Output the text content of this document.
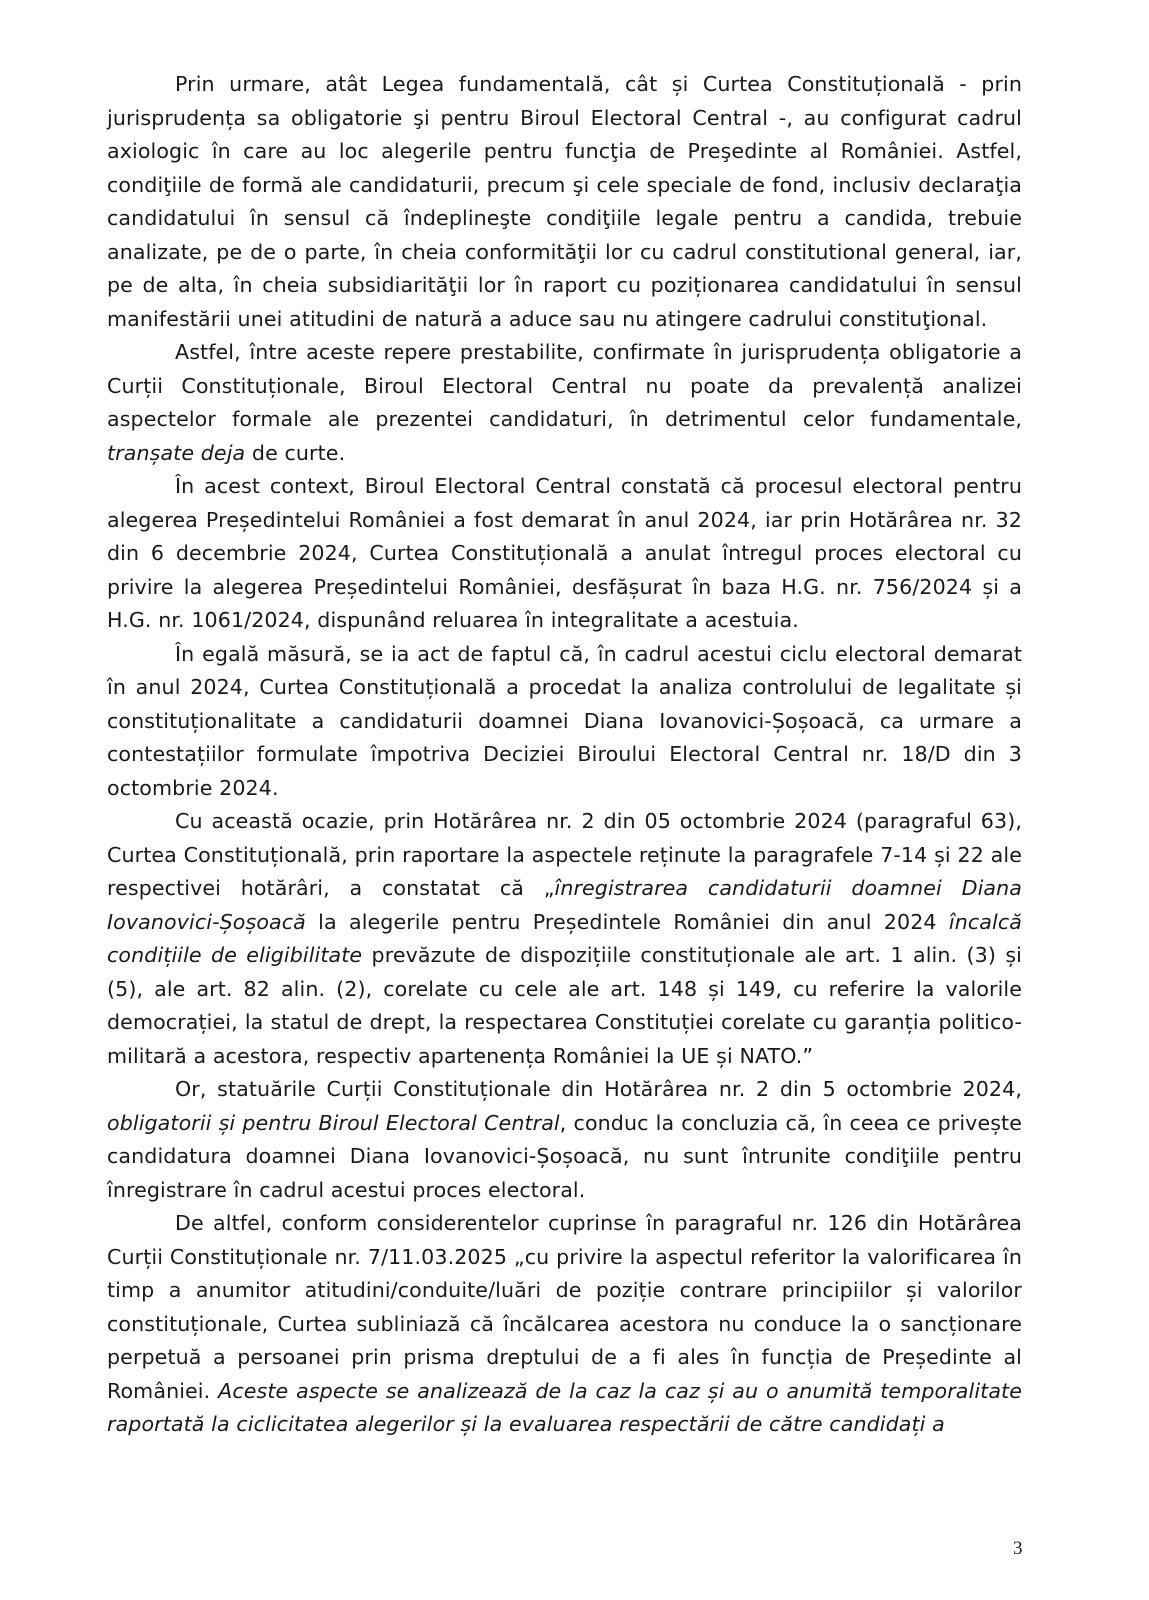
Prin urmare, atât Legea fundamentală, cât și Curtea Constituțională - prin jurisprudența sa obligatorie şi pentru Biroul Electoral Central -, au configurat cadrul axiologic în care au loc alegerile pentru funcţia de Preşedinte al României. Astfel, condiţiile de formă ale candidaturii, precum şi cele speciale de fond, inclusiv declaraţia candidatului în sensul că îndeplineşte condiţiile legale pentru a candida, trebuie analizate, pe de o parte, în cheia conformităţii lor cu cadrul constitutional general, iar, pe de alta, în cheia subsidiarităţii lor în raport cu poziționarea candidatului în sensul manifestării unei atitudini de natură a aduce sau nu atingere cadrului constituţional.

Astfel, între aceste repere prestabilite, confirmate în jurisprudența obligatorie a Curții Constituționale, Biroul Electoral Central nu poate da prevalență analizei aspectelor formale ale prezentei candidaturi, în detrimentul celor fundamentale, tranșate deja de curte.

În acest context, Biroul Electoral Central constată că procesul electoral pentru alegerea Președintelui României a fost demarat în anul 2024, iar prin Hotărârea nr. 32 din 6 decembrie 2024, Curtea Constituțională a anulat întregul proces electoral cu privire la alegerea Președintelui României, desfășurat în baza H.G. nr. 756/2024 și a H.G. nr. 1061/2024, dispunând reluarea în integralitate a acestuia.

În egală măsură, se ia act de faptul că, în cadrul acestui ciclu electoral demarat în anul 2024, Curtea Constituțională a procedat la analiza controlului de legalitate și constituționalitate a candidaturii doamnei Diana Iovanovici-Șoșoacă, ca urmare a contestațiilor formulate împotriva Deciziei Biroului Electoral Central nr. 18/D din 3 octombrie 2024.

Cu această ocazie, prin Hotărârea nr. 2 din 05 octombrie 2024 (paragraful 63), Curtea Constituțională, prin raportare la aspectele reținute la paragrafele 7-14 și 22 ale respectivei hotărâri, a constatat că „înregistrarea candidaturii doamnei Diana Iovanovici-Șoșoacă la alegerile pentru Președintele României din anul 2024 încalcă condițiile de eligibilitate prevăzute de dispozițiile constituționale ale art. 1 alin. (3) și (5), ale art. 82 alin. (2), corelate cu cele ale art. 148 și 149, cu referire la valorile democrației, la statul de drept, la respectarea Constituției corelate cu garanția politico-militară a acestora, respectiv apartenența României la UE și NATO.”

Or, statuările Curții Constituționale din Hotărârea nr. 2 din 5 octombrie 2024, obligatorii și pentru Biroul Electoral Central, conduc la concluzia că, în ceea ce privește candidatura doamnei Diana Iovanovici-Șoșoacă, nu sunt întrunite condiţiile pentru înregistrare în cadrul acestui proces electoral.

De altfel, conform considerentelor cuprinse în paragraful nr. 126 din Hotărârea Curții Constituționale nr. 7/11.03.2025 „cu privire la aspectul referitor la valorificarea în timp a anumitor atitudini/conduite/luări de poziție contrare principiilor și valorilor constituționale, Curtea subliniază că încălcarea acestora nu conduce la o sancționare perpetuă a persoanei prin prisma dreptului de a fi ales în funcția de Președinte al României. Aceste aspecte se analizează de la caz la caz și au o anumită temporalitate raportată la ciclicitatea alegerilor și la evaluarea respectării de către candidați a

3
